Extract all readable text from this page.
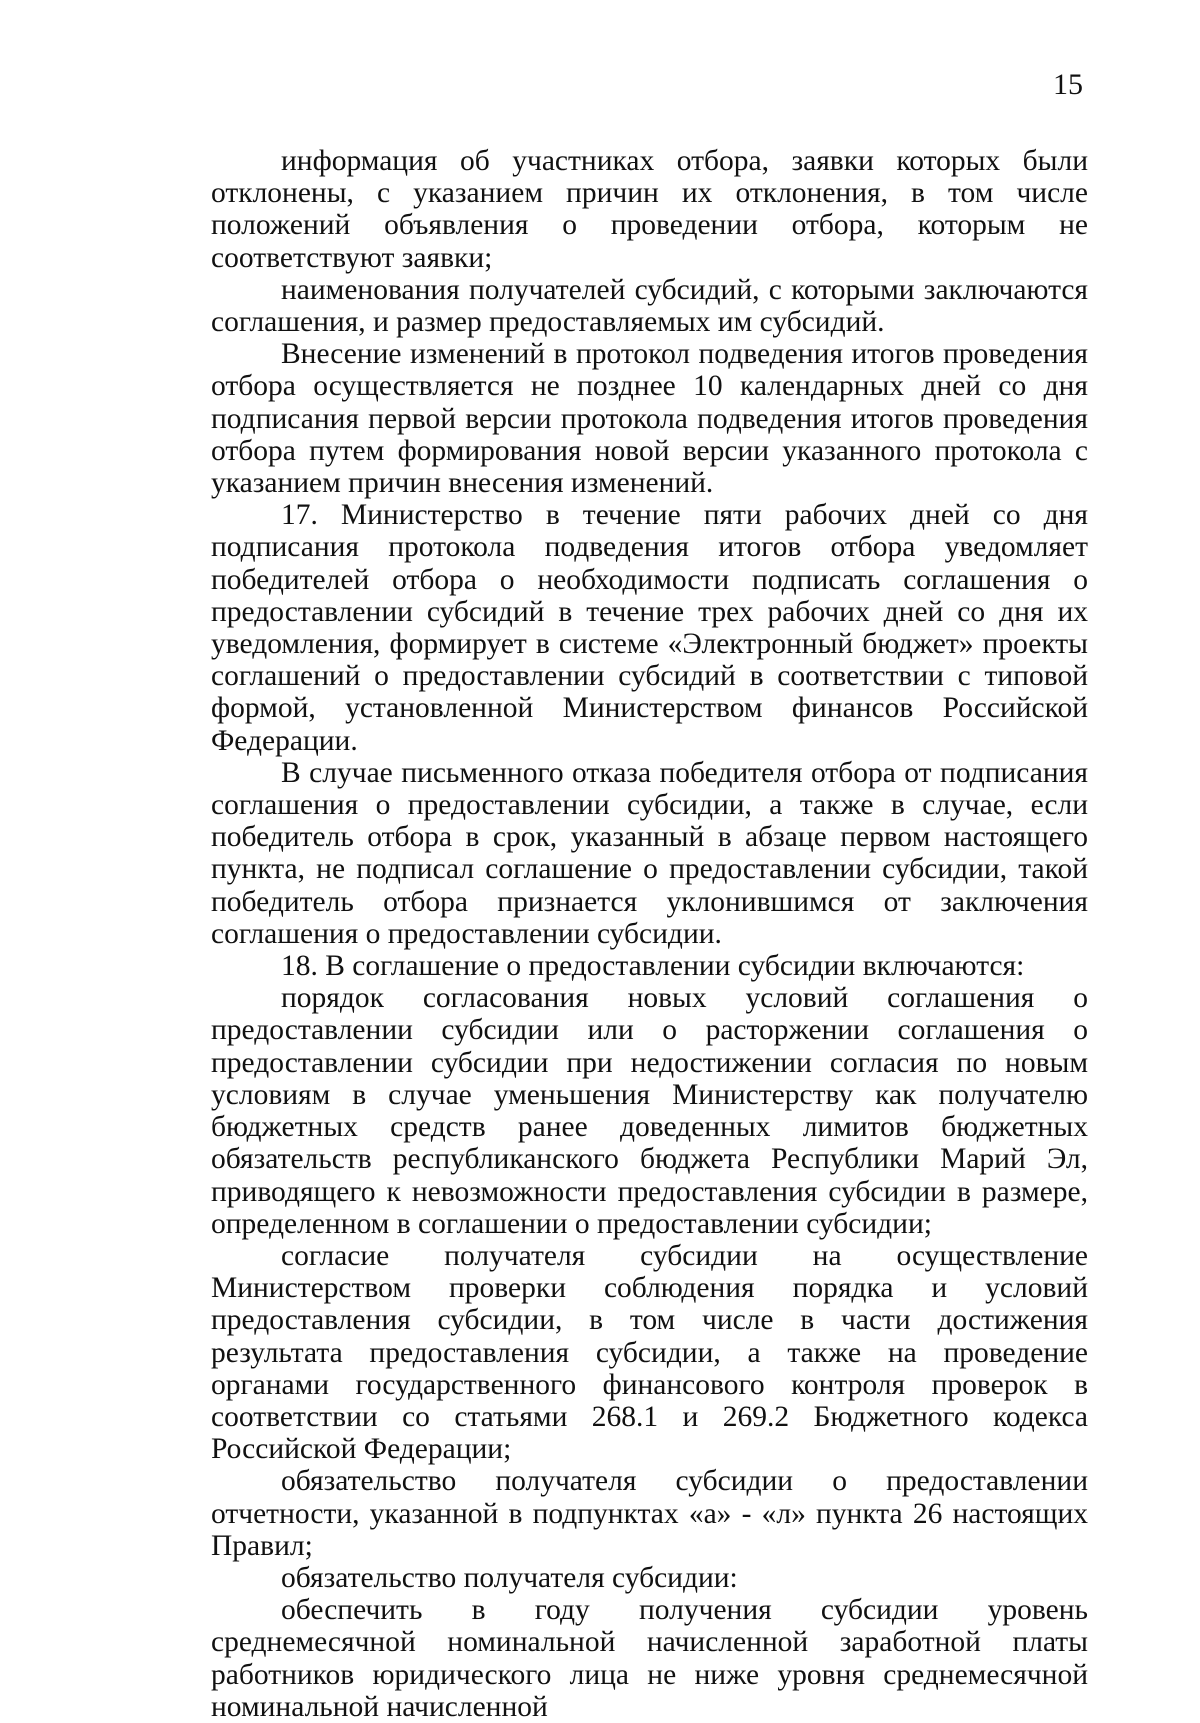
15

информация об участниках отбора, заявки которых были отклонены, с указанием причин их отклонения, в том числе положений объявления о проведении отбора, которым не соответствуют заявки;

наименования получателей субсидий, с которыми заключаются соглашения, и размер предоставляемых им субсидий.

Внесение изменений в протокол подведения итогов проведения отбора осуществляется не позднее 10 календарных дней со дня подписания первой версии протокола подведения итогов проведения отбора путем формирования новой версии указанного протокола с указанием причин внесения изменений.

17. Министерство в течение пяти рабочих дней со дня подписания протокола подведения итогов отбора уведомляет победителей отбора о необходимости подписать соглашения о предоставлении субсидий в течение трех рабочих дней со дня их уведомления, формирует в системе «Электронный бюджет» проекты соглашений о предоставлении субсидий в соответствии с типовой формой, установленной Министерством финансов Российской Федерации.

В случае письменного отказа победителя отбора от подписания соглашения о предоставлении субсидии, а также в случае, если победитель отбора в срок, указанный в абзаце первом настоящего пункта, не подписал соглашение о предоставлении субсидии, такой победитель отбора признается уклонившимся от заключения соглашения о предоставлении субсидии.

18. В соглашение о предоставлении субсидии включаются:

порядок согласования новых условий соглашения о предоставлении субсидии или о расторжении соглашения о предоставлении субсидии при недостижении согласия по новым условиям в случае уменьшения Министерству как получателю бюджетных средств ранее доведенных лимитов бюджетных обязательств республиканского бюджета Республики Марий Эл, приводящего к невозможности предоставления субсидии в размере, определенном в соглашении о предоставлении субсидии;

согласие получателя субсидии на осуществление Министерством проверки соблюдения порядка и условий предоставления субсидии, в том числе в части достижения результата предоставления субсидии, а также на проведение органами государственного финансового контроля проверок в соответствии со статьями 268.1 и 269.2 Бюджетного кодекса Российской Федерации;

обязательство получателя субсидии о предоставлении отчетности, указанной в подпунктах «а» - «л» пункта 26 настоящих Правил;

обязательство получателя субсидии:

обеспечить в году получения субсидии уровень среднемесячной номинальной начисленной заработной платы работников юридического лица не ниже уровня среднемесячной номинальной начисленной
